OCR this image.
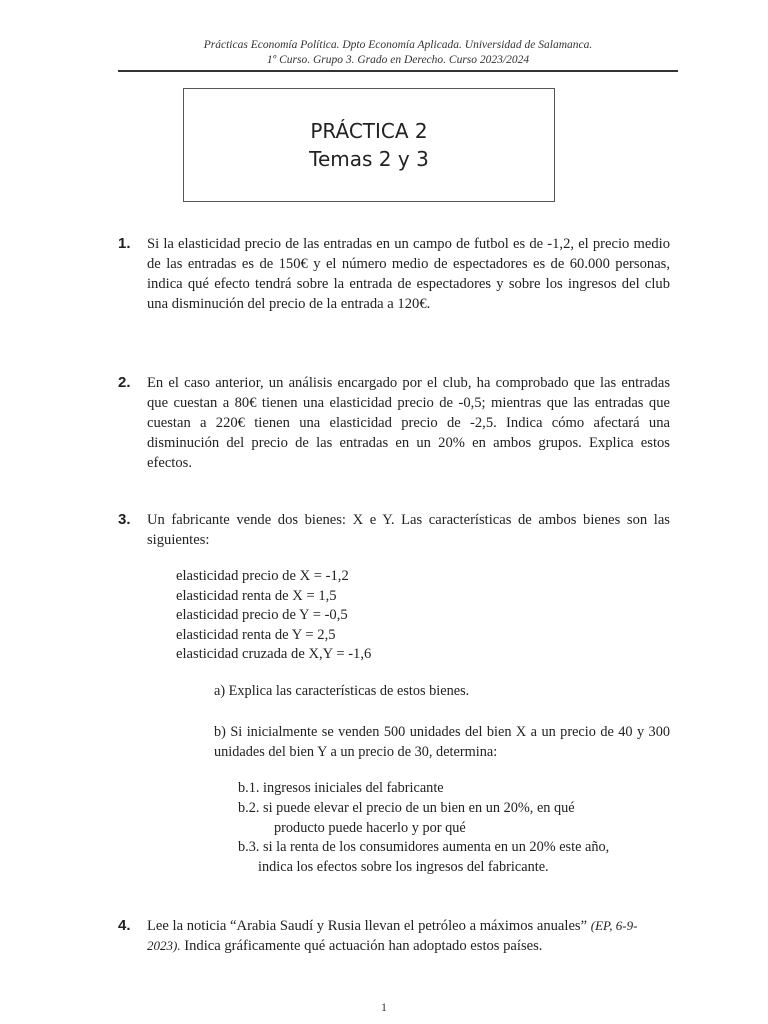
Prácticas Economía Política. Dpto Economía Aplicada. Universidad de Salamanca.
1º Curso. Grupo 3. Grado en Derecho. Curso 2023/2024
PRÁCTICA 2
Temas 2 y 3
1. Si la elasticidad precio de las entradas en un campo de futbol es de -1,2, el precio medio de las entradas es de 150€ y el número medio de espectadores es de 60.000 personas, indica qué efecto tendrá sobre la entrada de espectadores y sobre los ingresos del club una disminución del precio de la entrada a 120€.
2. En el caso anterior, un análisis encargado por el club, ha comprobado que las entradas que cuestan a 80€ tienen una elasticidad precio de -0,5; mientras que las entradas que cuestan a 220€ tienen una elasticidad precio de -2,5. Indica cómo afectará una disminución del precio de las entradas en un 20% en ambos grupos. Explica estos efectos.
3. Un fabricante vende dos bienes: X e Y. Las características de ambos bienes son las siguientes:
elasticidad precio de X = -1,2
elasticidad renta de X = 1,5
elasticidad precio de Y = -0,5
elasticidad renta de Y = 2,5
elasticidad cruzada de X,Y = -1,6
a) Explica las características de estos bienes.
b) Si inicialmente se venden 500 unidades del bien X a un precio de 40 y 300 unidades del bien Y a un precio de 30, determina:
b.1. ingresos iniciales del fabricante
b.2. si puede elevar el precio de un bien en un 20%, en qué
producto puede hacerlo y por qué
b.3. si la renta de los consumidores aumenta en un 20% este año,
indica los efectos sobre los ingresos del fabricante.
4. Lee la noticia “Arabia Saudí y Rusia llevan el petróleo a máximos anuales” (EP, 6-9-2023). Indica gráficamente qué actuación han adoptado estos países.
1
